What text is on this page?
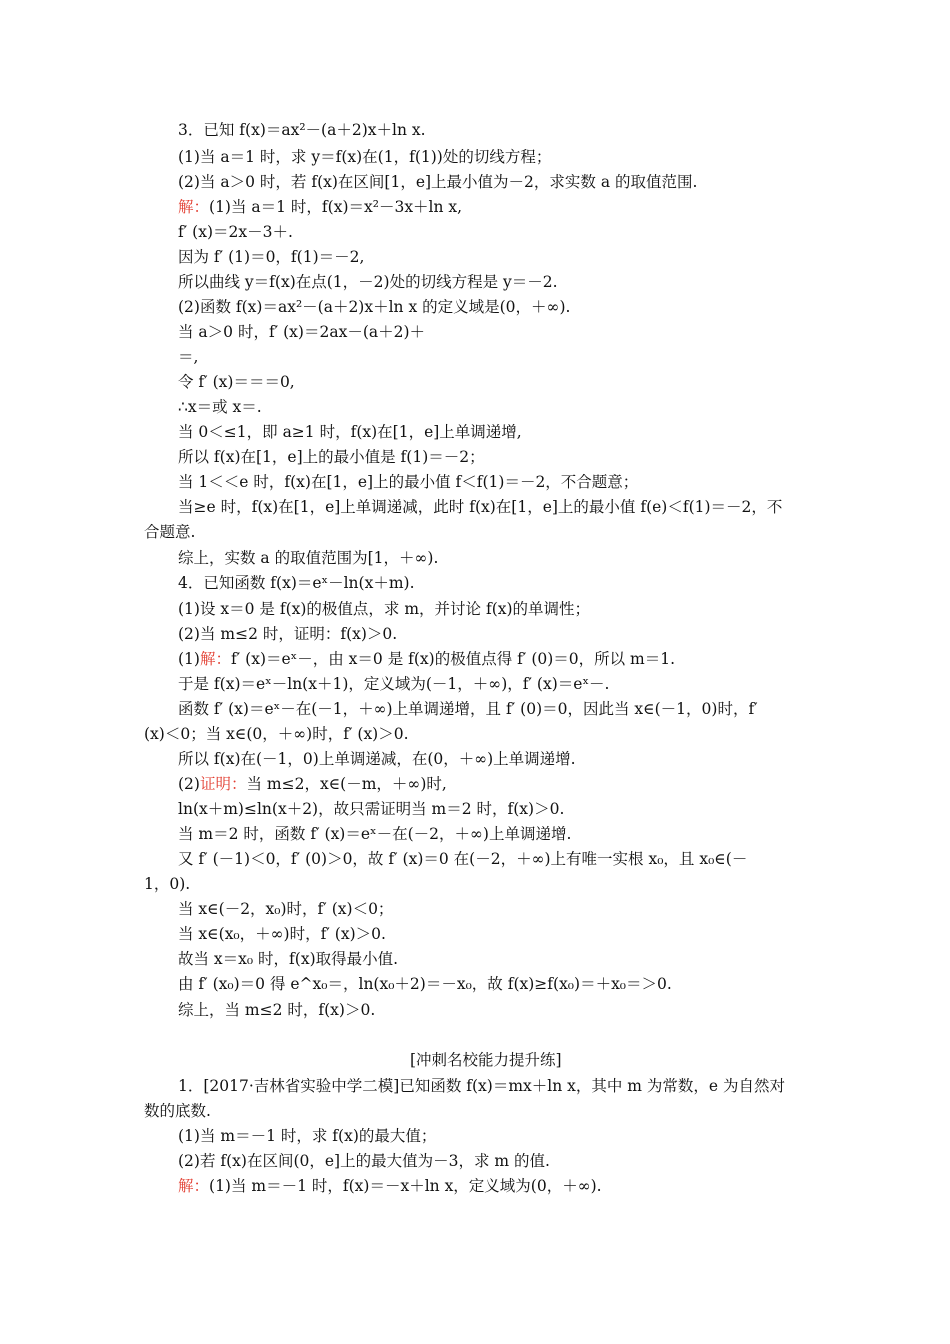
3．已知 f(x)＝ax²－(a＋2)x＋ln x.
(1)当 a＝1 时，求 y＝f(x)在(1，f(1))处的切线方程；
(2)当 a＞0 时，若 f(x)在区间[1，e]上最小值为－2，求实数 a 的取值范围.
解：(1)当 a＝1 时，f(x)＝x²－3x＋ln x,
f′ (x)＝2x－3＋.
因为 f′ (1)＝0，f(1)＝－2,
所以曲线 y＝f(x)在点(1，－2)处的切线方程是 y＝－2.
(2)函数 f(x)＝ax²－(a＋2)x＋ln x 的定义域是(0，＋∞).
当 a＞0 时，f′ (x)＝2ax－(a＋2)＋
＝,
令 f′ (x)＝＝＝0,
∴x＝或 x＝.
当 0＜≤1，即 a≥1 时，f(x)在[1，e]上单调递增,
所以 f(x)在[1，e]上的最小值是 f(1)＝－2；
当 1＜＜e 时，f(x)在[1，e]上的最小值 f＜f(1)＝－2，不合题意；
当≥e 时，f(x)在[1，e]上单调递减，此时 f(x)在[1，e]上的最小值 f(e)＜f(1)＝－2，不
合题意.
综上，实数 a 的取值范围为[1，＋∞).
4．已知函数 f(x)＝eˣ－ln(x＋m).
(1)设 x＝0 是 f(x)的极值点，求 m，并讨论 f(x)的单调性；
(2)当 m≤2 时，证明：f(x)＞0.
(1)解：f′ (x)＝eˣ－，由 x＝0 是 f(x)的极值点得 f′ (0)＝0，所以 m＝1.
于是 f(x)＝eˣ－ln(x＋1)，定义域为(－1，＋∞)，f′ (x)＝eˣ－.
函数 f′ (x)＝eˣ－在(－1，＋∞)上单调递增，且 f′ (0)＝0，因此当 x∈(－1，0)时，f′
(x)＜0；当 x∈(0，＋∞)时，f′ (x)＞0.
所以 f(x)在(－1，0)上单调递减，在(0，＋∞)上单调递增.
(2)证明：当 m≤2，x∈(－m，＋∞)时,
ln(x＋m)≤ln(x＋2)，故只需证明当 m＝2 时，f(x)＞0.
当 m＝2 时，函数 f′ (x)＝eˣ－在(－2，＋∞)上单调递增.
又 f′ (－1)＜0，f′ (0)＞0，故 f′ (x)＝0 在(－2，＋∞)上有唯一实根 x₀，且 x₀∈(－
1，0).
当 x∈(－2，x₀)时，f′ (x)＜0；
当 x∈(x₀，＋∞)时，f′ (x)＞0.
故当 x＝x₀ 时，f(x)取得最小值.
由 f′ (x₀)＝0 得 e^x₀＝，ln(x₀＋2)＝－x₀，故 f(x)≥f(x₀)＝＋x₀＝＞0.
综上，当 m≤2 时，f(x)＞0.
[冲刺名校能力提升练]
1．[2017·吉林省实验中学二模]已知函数 f(x)＝mx＋ln x，其中 m 为常数，e 为自然对
数的底数.
(1)当 m＝－1 时，求 f(x)的最大值；
(2)若 f(x)在区间(0，e]上的最大值为－3，求 m 的值.
解：(1)当 m＝－1 时，f(x)＝－x＋ln x，定义域为(0，＋∞).
